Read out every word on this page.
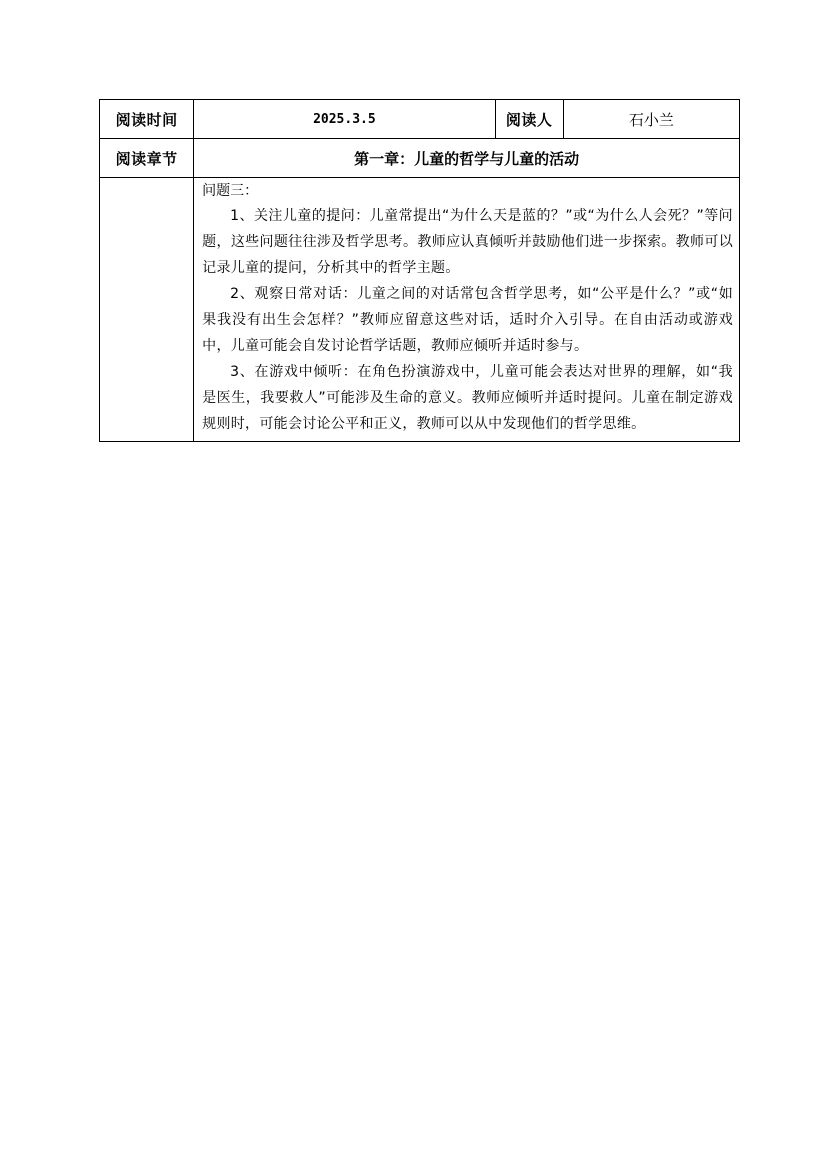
阅读时间	2025.3.5	阅读人	石小兰
阅读章节	第一章：儿童的哲学与儿童的活动		

	问题三：

1、关注儿童的提问：儿童常提出“为什么天是蓝的？”或“为什么人会死？”等问题，这些问题往往涉及哲学思考。教师应认真倾听并鼓励他们进一步探索。教师可以记录儿童的提问，分析其中的哲学主题。

2、观察日常对话：儿童之间的对话常包含哲学思考，如“公平是什么？”或“如果我没有出生会怎样？”教师应留意这些对话，适时介入引导。在自由活动或游戏中，儿童可能会自发讨论哲学话题，教师应倾听并适时参与。

3、在游戏中倾听：在角色扮演游戏中，儿童可能会表达对世界的理解，如“我是医生，我要救人”可能涉及生命的意义。教师应倾听并适时提问。儿童在制定游戏规则时，可能会讨论公平和正义，教师可以从中发现他们的哲学思维。		
